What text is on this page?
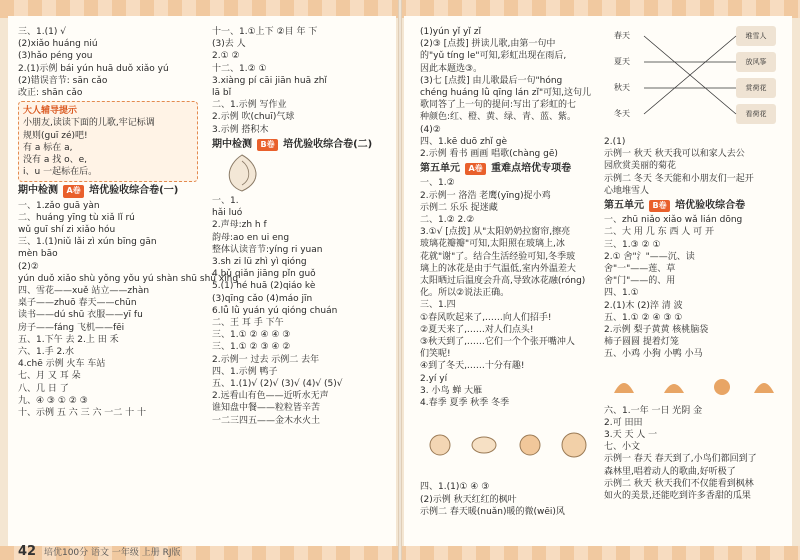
三、1.(1) √
(2)xiǎo huáng niú
(3)hǎo péng you
2.(1)示例 bái yún huā duǒ xiǎo yú
(2)错误音节: sān cǎo
改正: shān cǎo
大人辅导提示
小朋友,读读下面的儿歌,牢记标调
规则(guī zé)吧!
有 a 标在 a,
没有 a 找 o、e,
i、u 一起标在后。
期中检测 A卷 培优验收综合卷(一)
一、1.zǎo guā yàn
二、huáng yīng tù xiǎ lǐ rú
wǔ guī shí zi xiǎo hóu
三、1.(1)niǔ lǎi zì xún bīng gān
mèn bāo
(2)②
yún duǒ xiǎo shù yǒng yǒu yú shàn shū shǔ xǐng
四、雪花——xuě 站立——zhàn
桌子——zhuō 春天——chūn
读书——dú shū 衣服——yī fu
房子——fáng 飞机——fēi
五、1.下午 去 2.上 田 禾
六、1.手 2.水
4.chē 示例 火车 车站
七、月 又 耳 朵
八、几 日 了
九、④ ③ ① ② ③
十、示例 五 六 三 六 一二 十 十
十一、1.①上下 ②目 年 下
(3)去 人
2.① ②
十二、1.② ①
3.xiàng pí cāi jiān huā zhǐ
lā bǐ
二、1.示例 写作业
2.示例 吹(chuī)气球
3.示例 搭积木
期中检测 B卷 培优验收综合卷(二)
一、1.
hǎi luó
2.声母:zh h f
韵母:ao en ui eng
整体认读音节:yíng ri yuan
3.sh zi lü zhì yì qióng
4.bǔ qiǎn jiāng pǐn guǒ
5.(1) hé huā (2)qiáo kè
(3)qīng cǎo (4)máo jīn
6.lǚ lǜ yuán yú qióng chuán
二、王 耳 手 下午
三、1.① ② ④ ④ ③
三、1.① ② ③ ④ ②
2.示例一 过去 示例二 去年
四、1.示例 鸭子
五、1.(1)√ (2)√ (3)√ (4)√ (5)√
2.远看山有色——近听水无声
谁知盘中餐——粒粒皆辛苦
一二三四五——金木水火土
(1)yún yǐ yǐ zǐ
(2)③ [点拨] 拼读儿歌,由第一句中
的"yǔ tíng le"可知,彩虹出现在雨后,
因此本题选③。
(3)七 [点拨] 由儿歌最后一句"hóng
chéng huáng lǜ qīng lán zǐ"可知,这句儿
歌同答了上一句的提问:写出了彩虹的七
种颜色:红、橙、黄、绿、青、蓝、紫。
(4)②
四、1.kē duō zhǐ gè
2.示例 看书 画画 唱歌(chàng gē)
第五单元 A卷 重难点培优专项卷
一、1.②
2.示例一 洛浩 老鹰(yīng)捉小鸡
示例二 乐乐 捉迷藏
二、1.② 2.②
3.①√ [点拨] 从"太阳奶奶拉窗帘,擦亮
玻璃花瓣瓣"可知,太阳照在玻璃上,冰
花就"谢"了。结合生活经验可知,冬季玻
璃上的冰花是由于气温低,室内外温差大
太阳晒过后温度会升高,导致冰花融(róng)
化。所以②说法正确。
三、1.四
①春风吹起来了,……向人们招手!
②夏天来了,……对人们点头!
③秋天到了,……它们一个个张开嘴冲人
们笑呢!
④到了冬天,……十分有趣!
2.yí yí
3. 小鸟 蝉 大雁
4.春季 夏季 秋季 冬季
四、1.(1)① ④ ③
(2)示例 秋天红红的枫叶
示例二 春天暖(nuǎn)暖的微(wēi)风
春天
夏天
秋天
冬天
堆雪人
放风筝
赏荷花
看荷花
2.(1)
示例一 秋天 秋天我可以和家人去公
园欣赏美丽的菊花
示例二 冬天 冬天能和小朋友们一起开
心地堆雪人
第五单元 B卷 培优验收综合卷
一、zhū niǎo xiǎo wǎ lián dōng
二、大 用 几 东 西 人 可 开
三、1.③ ② ①
2.① 舍"氵"——沉、读
舍"一"——莲、草
舍"门"——的、用
四、1.①
2.(1)木 (2)淬 清 波
五、1.① ② ④ ③ ①
2.示例 梨子黄黄 核桃脑袋
柿子圆圆 提着灯笼
五、小鸡 小狗 小鸭 小马
六、1.一年 一日 光阴 金
2.可 田田
3.天 天 人 一
七、小文
示例一 春天 春天到了,小鸟们都回到了
森林里,唱着动人的歌曲,好听极了
示例二 秋天 秋天我们不仅能看到枫林
如火的美景,还能吃到许多香甜的瓜果
42 培优100分 语文 一年级 上册 RJ版
